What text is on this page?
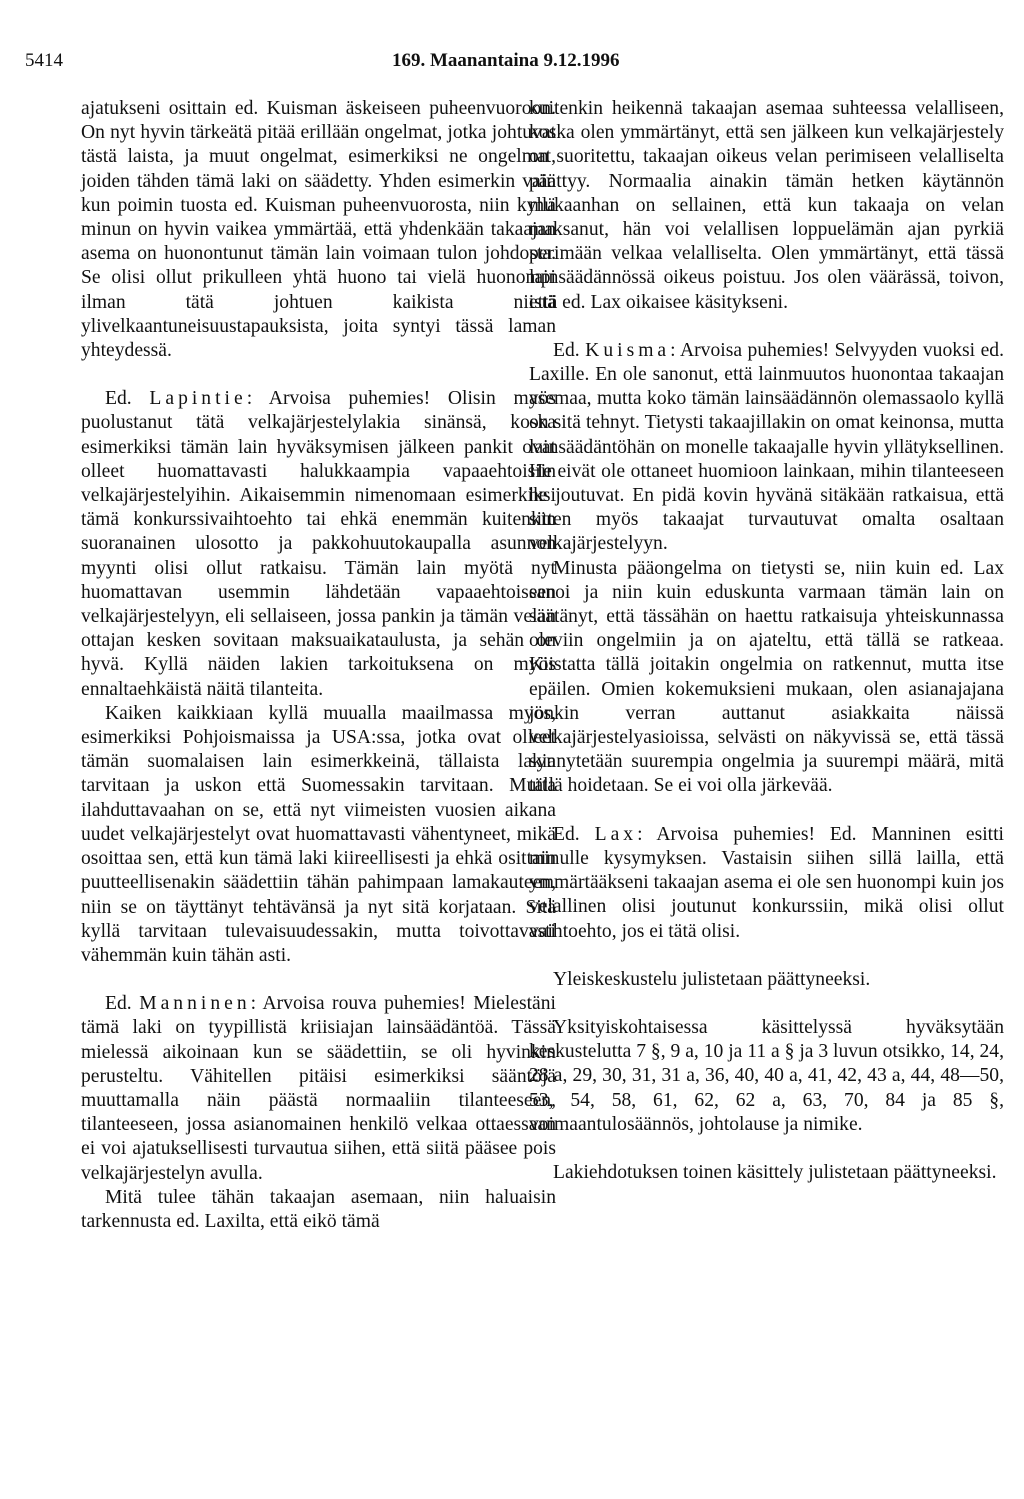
5414	169. Maanantaina 9.12.1996

ajatukseni osittain ed. Kuisman äskeiseen puheenvuoroon. On nyt hyvin tärkeätä pitää erillään ongelmat, jotka johtuvat tästä laista, ja muut ongelmat, esimerkiksi ne ongelmat, joiden tähden tämä laki on säädetty. Yhden esimerkin vain kun poimin tuosta ed. Kuisman puheenvuorosta, niin kyllä minun on hyvin vaikea ymmärtää, että yhdenkään takaajan asema on huonontunut tämän lain voimaan tulon johdosta. Se olisi ollut prikulleen yhtä huono tai vielä huonompi ilman tätä johtuen kaikista niistä ylivelkaantuneisuustapauksista, joita syntyi tässä laman yhteydessä.

Ed. Lapintie: Arvoisa puhemies! Olisin myös puolustanut tätä velkajärjestelylakia sinänsä, koska esimerkiksi tämän lain hyväksymisen jälkeen pankit ovat olleet huomattavasti halukkaampia vapaaehtoisiin velkajärjestelyihin. Aikaisemmin nimenomaan esimerkiksi tämä konkurssivaihtoehto tai ehkä enemmän kuitenkin suoranainen ulosotto ja pakkohuutokaupalla asunnon myynti olisi ollut ratkaisu. Tämän lain myötä nyt huomattavan usemmin lähdetään vapaaehtoiseen velkajärjestelyyn, eli sellaiseen, jossa pankin ja tämän velan ottajan kesken sovitaan maksuaikataulusta, ja sehän on hyvä. Kyllä näiden lakien tarkoituksena on myös ennaltaehkäistä näitä tilanteita.

Kaiken kaikkiaan kyllä muualla maailmassa myös, esimerkiksi Pohjoismaissa ja USA:ssa, jotka ovat olleet tämän suomalaisen lain esimerkkeinä, tällaista lakia tarvitaan ja uskon että Suomessakin tarvitaan. Mutta ilahduttavaahan on se, että nyt viimeisten vuosien aikana uudet velkajärjestelyt ovat huomattavasti vähentyneet, mikä osoittaa sen, että kun tämä laki kiireellisesti ja ehkä osittain puutteellisenakin säädettiin tähän pahimpaan lamakauteen, niin se on täyttänyt tehtävänsä ja nyt sitä korjataan. Sitä kyllä tarvitaan tulevaisuudessakin, mutta toivottavasti vähemmän kuin tähän asti.

Ed. Manninen: Arvoisa rouva puhemies! Mielestäni tämä laki on tyypillistä kriisiajan lainsäädäntöä. Tässä mielessä aikoinaan kun se säädettiin, se oli hyvinkin perusteltu. Vähitellen pitäisi esimerkiksi sääntöjä muuttamalla näin päästä normaaliin tilanteeseen, tilanteeseen, jossa asianomainen henkilö velkaa ottaessaan ei voi ajatuksellisesti turvautua siihen, että siitä pääsee pois velkajärjestelyn avulla.

Mitä tulee tähän takaajan asemaan, niin haluaisin tarkennusta ed. Laxilta, että eikö tämä

kuitenkin heikennä takaajan asemaa suhteessa velalliseen, koska olen ymmärtänyt, että sen jälkeen kun velkajärjestely on suoritettu, takaajan oikeus velan perimiseen velalliselta päättyy. Normaalia ainakin tämän hetken käytännön mukaanhan on sellainen, että kun takaaja on velan maksanut, hän voi velallisen loppuelämän ajan pyrkiä perimään velkaa velalliselta. Olen ymmärtänyt, että tässä lainsäädännössä oikeus poistuu. Jos olen väärässä, toivon, että ed. Lax oikaisee käsitykseni.

Ed. Kuisma: Arvoisa puhemies! Selvyyden vuoksi ed. Laxille. En ole sanonut, että lainmuutos huonontaa takaajan asemaa, mutta koko tämän lainsäädännön olemassaolo kyllä on sitä tehnyt. Tietysti takaajillakin on omat keinonsa, mutta lainsäädäntöhän on monelle takaajalle hyvin yllätyksellinen. He eivät ole ottaneet huomioon lainkaan, mihin tilanteeseen he joutuvat. En pidä kovin hyvänä sitäkään ratkaisua, että sitten myös takaajat turvautuvat omalta osaltaan velkajärjestelyyn.

Minusta pääongelma on tietysti se, niin kuin ed. Lax sanoi ja niin kuin eduskunta varmaan tämän lain on säätänyt, että tässähän on haettu ratkaisuja yhteiskunnassa oleviin ongelmiin ja on ajateltu, että tällä se ratkeaa. Kiistatta tällä joitakin ongelmia on ratkennut, mutta itse epäilen. Omien kokemuksieni mukaan, olen asianajajana jonkin verran auttanut asiakkaita näissä velkajärjestelyasioissa, selvästi on näkyvissä se, että tässä synnytetään suurempia ongelmia ja suurempi määrä, mitä tällä hoidetaan. Se ei voi olla järkevää.

Ed. Lax: Arvoisa puhemies! Ed. Manninen esitti minulle kysymyksen. Vastaisin siihen sillä lailla, että ymmärtääkseni takaajan asema ei ole sen huonompi kuin jos velallinen olisi joutunut konkurssiin, mikä olisi ollut vaihtoehto, jos ei tätä olisi.

Yleiskeskustelu julistetaan päättyneeksi.

Yksityiskohtaisessa käsittelyssä hyväksytään keskustelutta 7 §, 9 a, 10 ja 11 a § ja 3 luvun otsikko, 14, 24, 28 a, 29, 30, 31, 31 a, 36, 40, 40 a, 41, 42, 43 a, 44, 48—50, 53, 54, 58, 61, 62, 62 a, 63, 70, 84 ja 85 §, voimaantulosäännös, johtolause ja nimike.

Lakiehdotuksen toinen käsittely julistetaan päättyneeksi.
